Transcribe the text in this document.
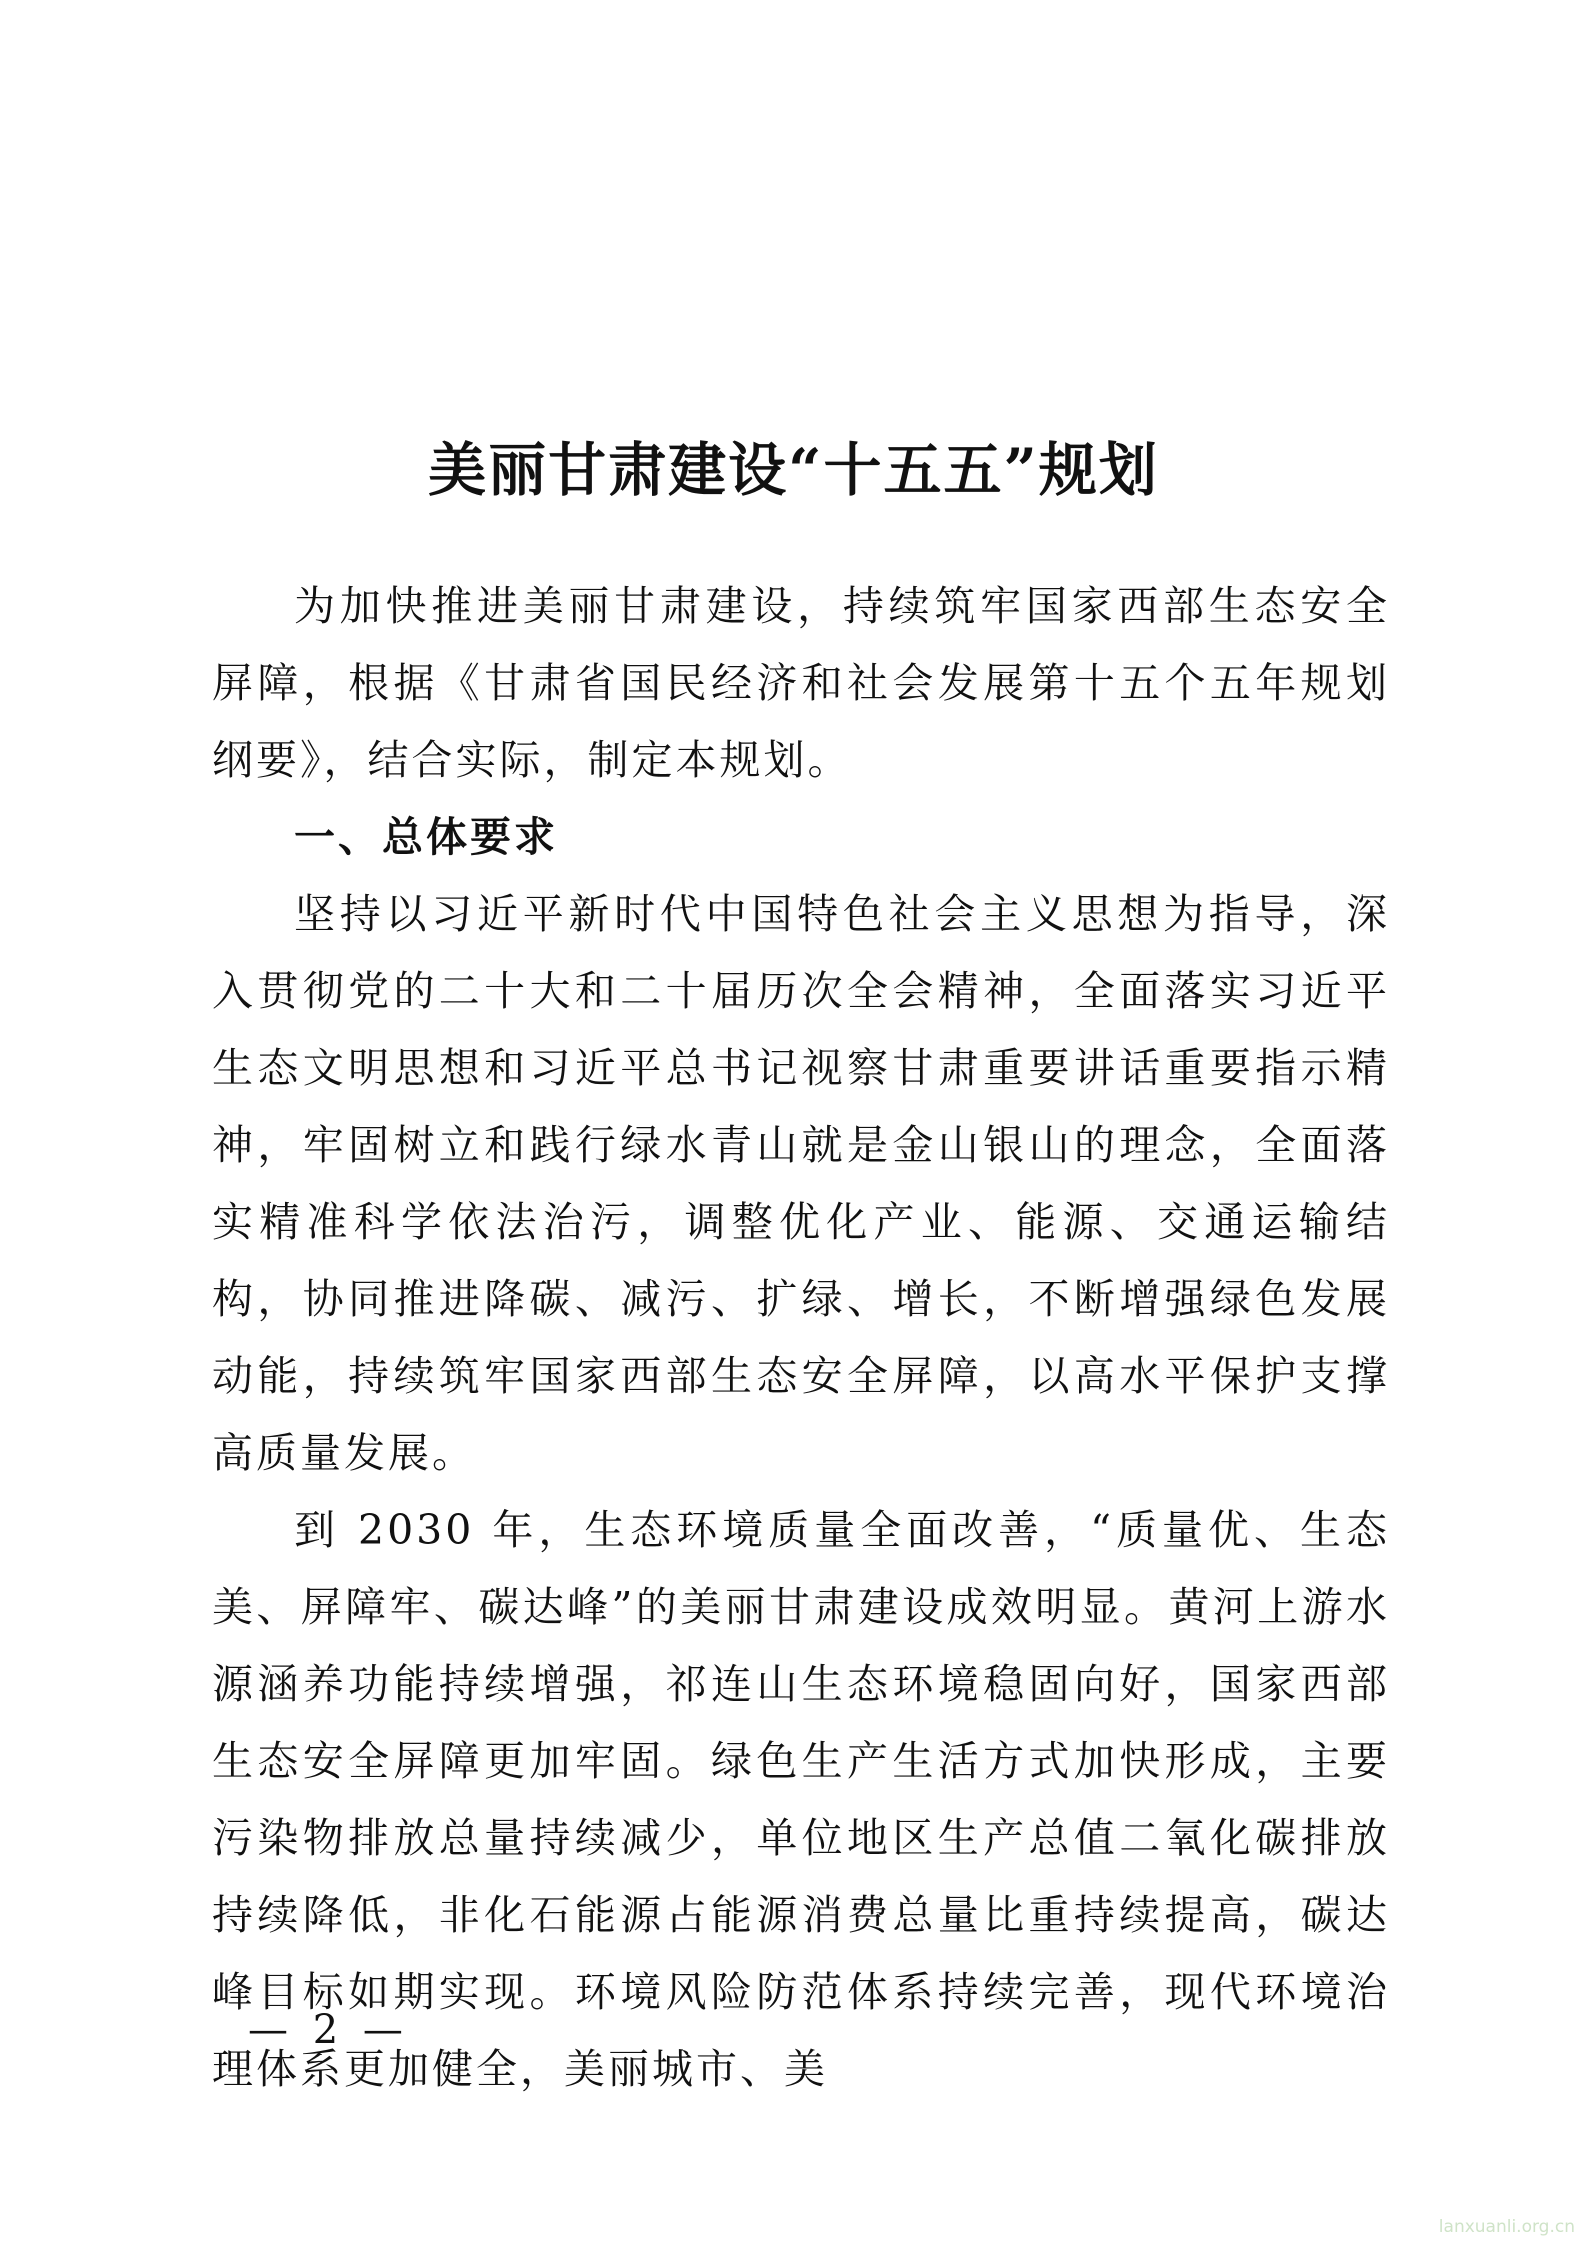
美丽甘肃建设“十五五”规划

为加快推进美丽甘肃建设，持续筑牢国家西部生态安全屏障，根据《甘肃省国民经济和社会发展第十五个五年规划纲要》，结合实际，制定本规划。

一、总体要求

坚持以习近平新时代中国特色社会主义思想为指导，深入贯彻党的二十大和二十届历次全会精神，全面落实习近平生态文明思想和习近平总书记视察甘肃重要讲话重要指示精神，牢固树立和践行绿水青山就是金山银山的理念，全面落实精准科学依法治污，调整优化产业、能源、交通运输结构，协同推进降碳、减污、扩绿、增长，不断增强绿色发展动能，持续筑牢国家西部生态安全屏障，以高水平保护支撑高质量发展。

到 2030 年，生态环境质量全面改善，“质量优、生态美、屏障牢、碳达峰”的美丽甘肃建设成效明显。黄河上游水源涵养功能持续增强，祁连山生态环境稳固向好，国家西部生态安全屏障更加牢固。绿色生产生活方式加快形成，主要污染物排放总量持续减少，单位地区生产总值二氧化碳排放持续降低，非化石能源占能源消费总量比重持续提高，碳达峰目标如期实现。环境风险防范体系持续完善，现代环境治理体系更加健全，美丽城市、美

— 2 —
lanxuanli.org.cn
